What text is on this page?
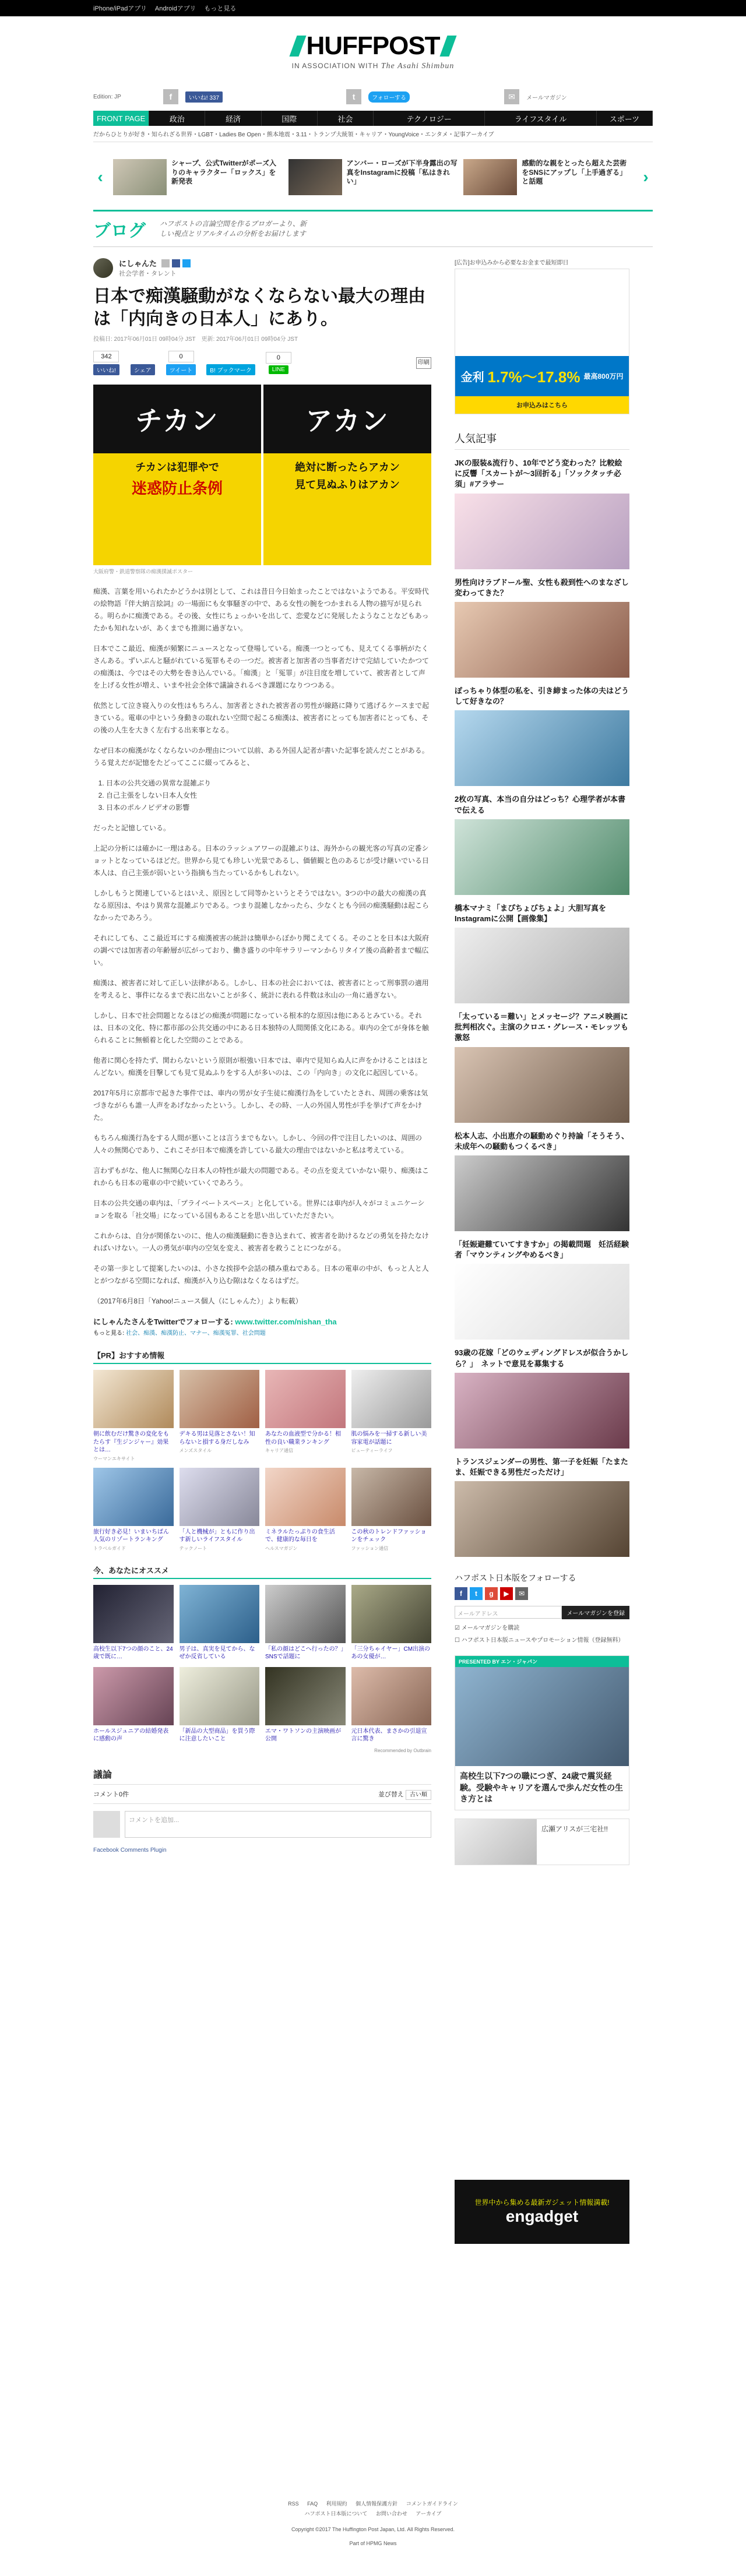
iPhone/iPadアプリ Androidアプリ もっと見る
HUFFPOST
IN ASSOCIATION WITH The Asahi Shimbun
Edition: JP	f	いいね! 337	t	フォローする	✉	メールマガジン
FRONT PAGE	政治	経済	国際	社会	テクノロジー	ライフスタイル	スポーツ
だからひとりが好き・知られざる世界・LGBT・Ladies Be Open・熊本地震・3.11・トランプ大統領・キャリア・YoungVoice・エンタメ・記事アーカイブ
‹
シャープ、公式Twitterがポーズ入りのキャラクター「ロックス」を新発表
アンバー・ローズが下半身露出の写真をInstagramに投稿「私はきれい」
感動的な親をとったら超えた芸術をSNSにアップし「上手過ぎる」と話題	›
ブログ ハフポストの言論空間を作るブロガーより、新
しい視点とリアルタイムの分析をお届けします
にしゃんた
社会学者・タレント
日本で痴漢騒動がなくならない最大の理由は「内向きの日本人」にあり。
投稿日: 2017年06月01日 09時04分 JST　更新: 2017年06月01日 09時04分 JST
342
いいね!	シェア
0
ツイート	B! ブックマーク
0
LINE
印刷
チカン
チカンは犯罪やで
迷惑防止条例
アカン
絶対に断ったらアカン
見て見ぬふりはアカン
大阪府警・鉄道警察隊の痴漢撲滅ポスター

痴漢、言葉を用いられたかどうかは別として、これは昔日今日始まったことではないようである。平安時代の絵物語『伴大納言絵詞』の一場面にも女事騒ぎの中で、ある女性の腕をつかまれる人物の描写が見られる。明らかに痴漢である。その後、女性にちょっかいを出して、恋愛などに発展したようなことなどもあったかも知れないが、あくまでも推測に過ぎない。

日本でここ最近、痴漢が頻繁にニュースとなって登場している。痴漢一つとっても、見えてくる事柄がたくさんある。ずいぶんと騒がれている冤罪もその一つだ。被害者と加害者の当事者だけで完結していたかつての痴漢は、今ではその大勢を巻き込んでいる。「痴漢」と「冤罪」が注目度を増していて、被害者として声を上げる女性が増え、いまや社会全体で議論されるべき課題になりつつある。

依然として泣き寝入りの女性はもちろん、加害者とされた被害者の男性が線路に降りて逃げるケースまで起きている。電車の中という身動きの取れない空間で起こる痴漢は、被害者にとっても加害者にとっても、その後の人生を大きく左右する出来事となる。

なぜ日本の痴漢がなくならないのか理由について以前、ある外国人記者が書いた記事を読んだことがある。うる覚えだが記憶をたどってここに綴ってみると、

1. 日本の公共交通の異常な混雑ぶり
2. 自己主張をしない日本人女性
3. 日本のポルノビデオの影響

だったと記憶している。

上記の分析には確かに一理はある。日本のラッシュアワーの混雑ぶりは、海外からの観光客の写真の定番ショットとなっているほどだ。世界から見ても珍しい光景であるし、価値観と色のあるじが受け継いでいる日本人は、自己主張が弱いという指摘も当たっているかもしれない。

しかしもうと関連しているとはいえ、原因として同等かというとそうではない。3つの中の最大の痴漢の真なる原因は、やはり異常な混雑ぶりである。つまり混雑しなかったら、少なくとも今回の痴漢騒動は起こらなかったであろう。

それにしても、ここ最近耳にする痴漢被害の統計は簡単からぼかり聞こえてくる。そのことを日本は大阪府の調べでは加害者の年齢層が広がっており、働き盛りの中年サラリーマンからリタイア後の高齢者まで幅広い。

痴漢は、被害者に対して正しい法律がある。しかし、日本の社会においては、被害者にとって刑事罰の適用を考えると、事件になるまで表に出ないことが多く、統計に表れる件数は氷山の一角に過ぎない。

しかし、日本で社会問題となるほどの痴漢が問題になっている根本的な原因は他にあるとみている。それは、日本の文化、特に都市部の公共交通の中にある日本独特の人間関係文化にある。車内の全てが身体を触られることに無頓着と化した空間のことである。

他者に関心を持たず、関わらないという原則が根強い日本では、車内で見知らぬ人に声をかけることはほとんどない。痴漢を目撃しても見て見ぬふりをする人が多いのは、この「内向き」の文化に起因している。

2017年5月に京都市で起きた事件では、車内の男が女子生徒に痴漢行為をしていたとされ、周囲の乗客は気づきながらも誰一人声をあげなかったという。しかし、その時、一人の外国人男性が手を挙げて声をかけた。

もちろん痴漢行為をする人間が悪いことは言うまでもない。しかし、今回の件で注目したいのは、周囲の人々の無関心であり、これこそが日本で痴漢を許している最大の理由ではないかと私は考えている。

言わずもがな、他人に無関心な日本人の特性が最大の問題である。その点を変えていかない限り、痴漢はこれからも日本の電車の中で続いていくであろう。

日本の公共交通の車内は、「プライベートスペース」と化している。世界には車内が人々がコミュニケーションを取る「社交場」になっている国もあることを思い出していただきたい。

これからは、自分が関係ないのに、他人の痴漢騒動に巻き込まれて、被害者を助けるなどの勇気を持たなければいけない。一人の勇気が車内の空気を変え、被害者を救うことにつながる。

その第一歩として提案したいのは、小さな挨拶や会話の積み重ねである。日本の電車の中が、もっと人と人とがつながる空間になれば、痴漢が入り込む隙はなくなるはずだ。

（2017年6月8日「Yahoo!ニュース個人（にしゃんた）」より転載）

にしゃんたさんをTwitterでフォローする: www.twitter.com/nishan_tha
もっと見る: 社会、痴漢、痴漢防止、マナー、痴漢冤罪、社会問題
【PR】おすすめ情報
朝に飲むだけ驚きの変化をもたらす『生ジンジャー』効果とは…
ウーマンエキサイト
デキる男は見落とさない！知らないと損する身だしなみ
メンズスタイル
あなたの血液型で分かる！相性の良い職業ランキング
キャリア通信
肌の悩みを一掃する新しい美容家電が話題に
ビューティーライフ
旅行好き必見！いまいちばん人気のリゾートランキング
トラベルガイド
「人と機械が」ともに作り出す新しいライフスタイル
テックノート
ミネラルたっぷりの食生活で、健康的な毎日を
ヘルスマガジン
この秋のトレンドファッションをチェック
ファッション通信
今、あなたにオススメ
高校生以下7つの顔のこと、24歳で既に…
男子は、真実を見てから、なぜか反省している
「私の顔はどこへ行ったの？」SNSで話題に
「三分ちゃイヤー」CM出演のあの女優が…
ホールスジュニアの結婚発表に感動の声
「新品の大型商品」を買う際に注意したいこと
エマ・ワトソンの主演映画が公開
元日本代表、まさかの引退宣言に驚き
Recommended by Outbrain
議論
コメント0件	並び替え 古い順
コメントを追加...
Facebook Comments Plugin
[広告]お申込みから必要なお金まで最短即日
金利 1.7%〜17.8% 最高800万円
お申込みはこちら
人気記事
JKの服装&流行り、10年でどう変わった？比較絵に反響「スカートが〜3回折る」「ソックタッチ必須」#アラサー
男性向けラブドール聖、女性も殺到性へのまなざし変わってきた？
ぽっちゃり体型の私を、引き締まった体の夫はどうして好きなの？
2枚の写真、本当の自分はどっち？心理学者が本書で伝える
橋本マナミ「まぴちょびちょよ」大胆写真をInstagramに公開【画像集】
「太っている＝難い」とメッセージ？アニメ映画に批判相次ぐ。主演のクロエ・グレース・モレッツも激怒
松本人志、小出恵介の騒動めぐり持論「そうそう、未成年への騒動もつくるべき」
「妊娠避難ていてすきすか」の掲載問題　妊活経験者「マウンティングやめるべき」
93歳の花嫁「どのウェディングドレスが似合うかしら？」　ネットで意見を募集する
トランスジェンダーの男性、第一子を妊娠「たまたま、妊娠できる男性だっただけ」
ハフポスト日本版をフォローする
f	t	g	▶	✉
メールアドレス	メールマガジンを登録
☑ メールマガジンを購読
☐ ハフポスト日本版ニュースやプロモーション情報（登録無料）
PRESENTED BY エン・ジャパン
高校生以下7つの職につぎ、24歳で震災経験。受験やキャリアを選んで歩んだ女性の生き方とは
広瀬アリスが三宅社!!
世界中から集める最新ガジェット情報満載!
engadget
RSS FAQ 利用規約 個人情報保護方針 コメントガイドライン
ハフポスト日本版について お問い合わせ アーカイブ
Copyright ©2017 The Huffington Post Japan, Ltd. All Rights Reserved.
Part of HPMG News
